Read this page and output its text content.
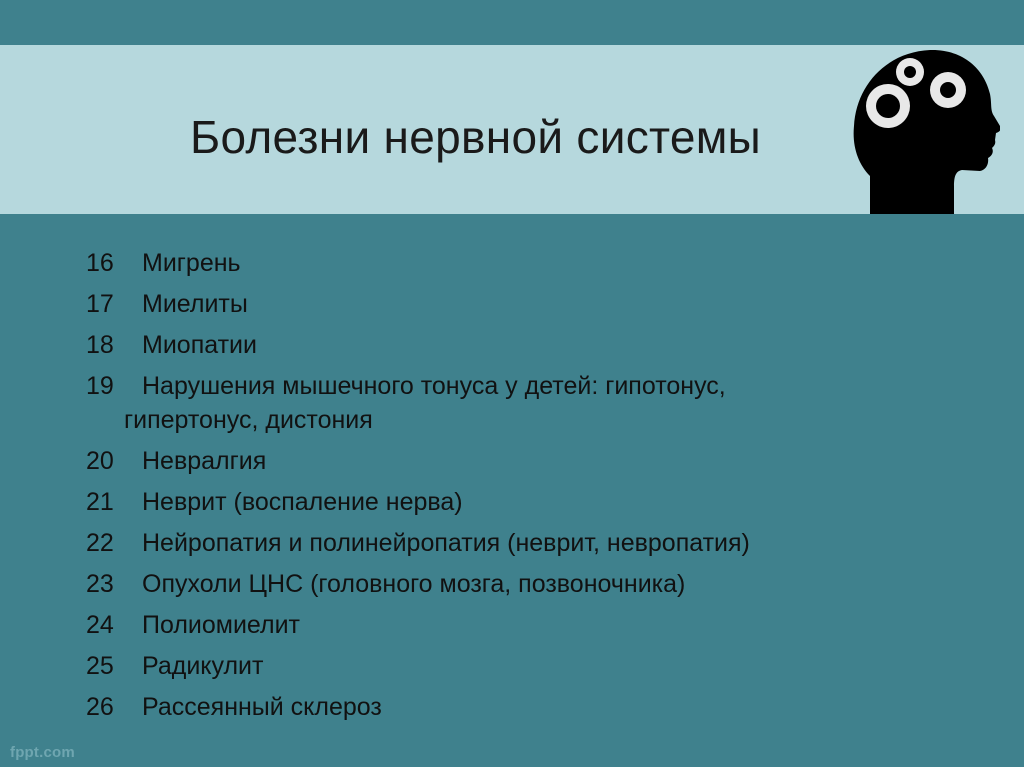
Болезни нервной системы
16	Мигрень
17	Миелиты
18	Миопатии
19	Нарушения мышечного тонуса у детей: гипотонус,
гипертонус, дистония
20	Невралгия
21	Неврит (воспаление нерва)
22	Нейропатия и полинейропатия (неврит, невропатия)
23	Опухоли ЦНС (головного мозга, позвоночника)
24	Полиомиелит
25	Радикулит
26	Рассеянный склероз
fppt.com
